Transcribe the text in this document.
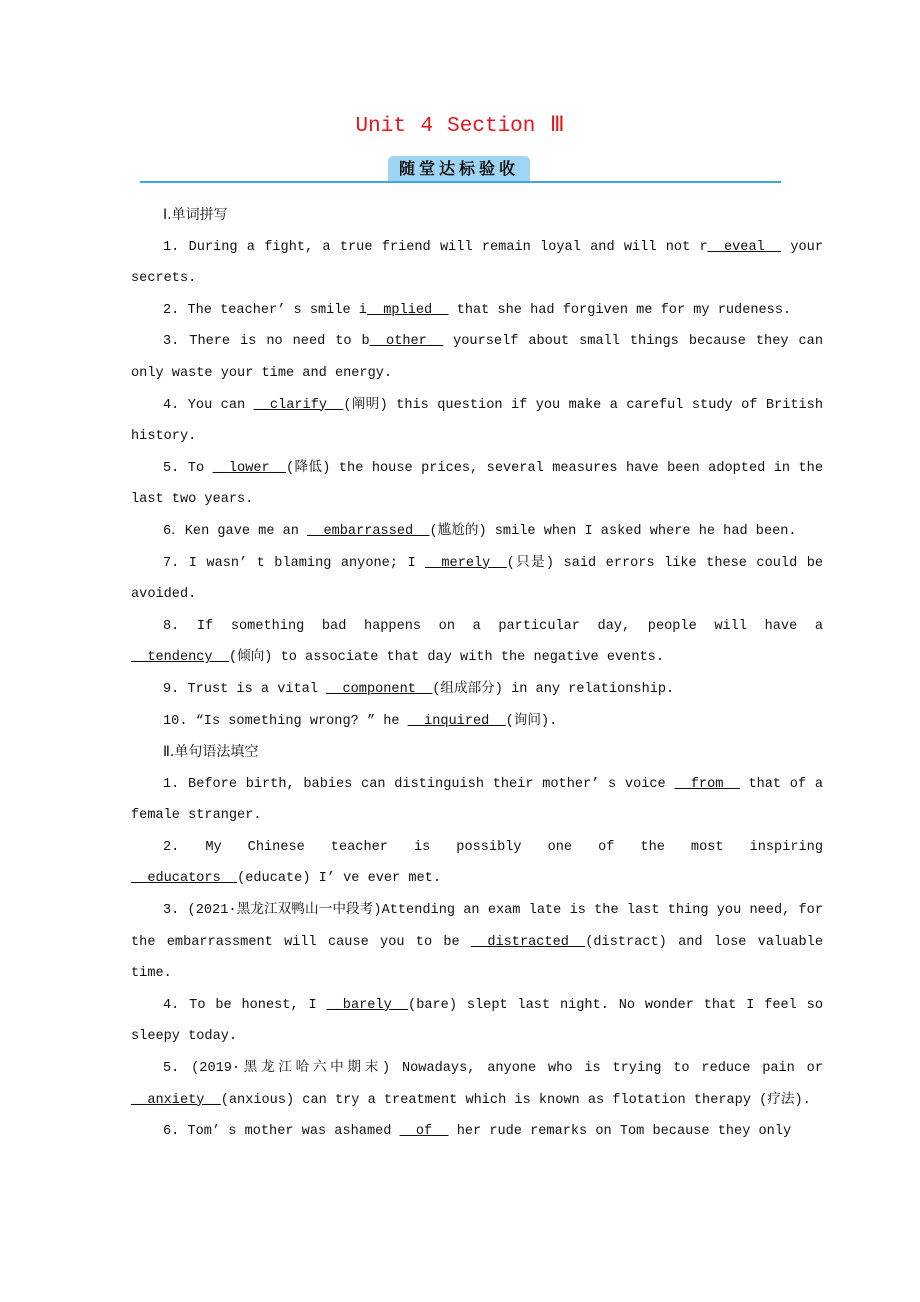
Unit 4 Section Ⅲ
随堂达标验收

Ⅰ.单词拼写

1. During a fight, a true friend will remain loyal and will not r__eveal__ your secrets.

2. The teacher’ s smile i__mplied__ that she had forgiven me for my rudeness.

3. There is no need to b__other__ yourself about small things because they can only waste your time and energy.

4. You can __clarify__(阐明) this question if you make a careful study of British history.

5. To __lower__(降低) the house prices, several measures have been adopted in the last two years.

6．Ken gave me an __embarrassed__(尴尬的) smile when I asked where he had been.

7. I wasn’ t blaming anyone; I __merely__(只是) said errors like these could be avoided.

8. If something bad happens on a particular day, people will have a __tendency__(倾向) to associate that day with the negative events.

9. Trust is a vital __component__(组成部分) in any relationship.

10. “Is something wrong? ” he __inquired__(询问).

Ⅱ.单句语法填空

1. Before birth, babies can distinguish their mother’ s voice __from__ that of a female stranger.

2. My Chinese teacher is possibly one of the most inspiring __educators__(educate) I’ ve ever met.

3. (2021·黑龙江双鸭山一中段考)Attending an exam late is the last thing you need, for the embarrassment will cause you to be __distracted__(distract) and lose valuable time.

4. To be honest, I __barely__(bare) slept last night. No wonder that I feel so sleepy today.

5. (2019·黑龙江哈六中期末) Nowadays, anyone who is trying to reduce pain or __anxiety__(anxious) can try a treatment which is known as flotation therapy (疗法).

6. Tom’ s mother was ashamed __of__ her rude remarks on Tom because they only
